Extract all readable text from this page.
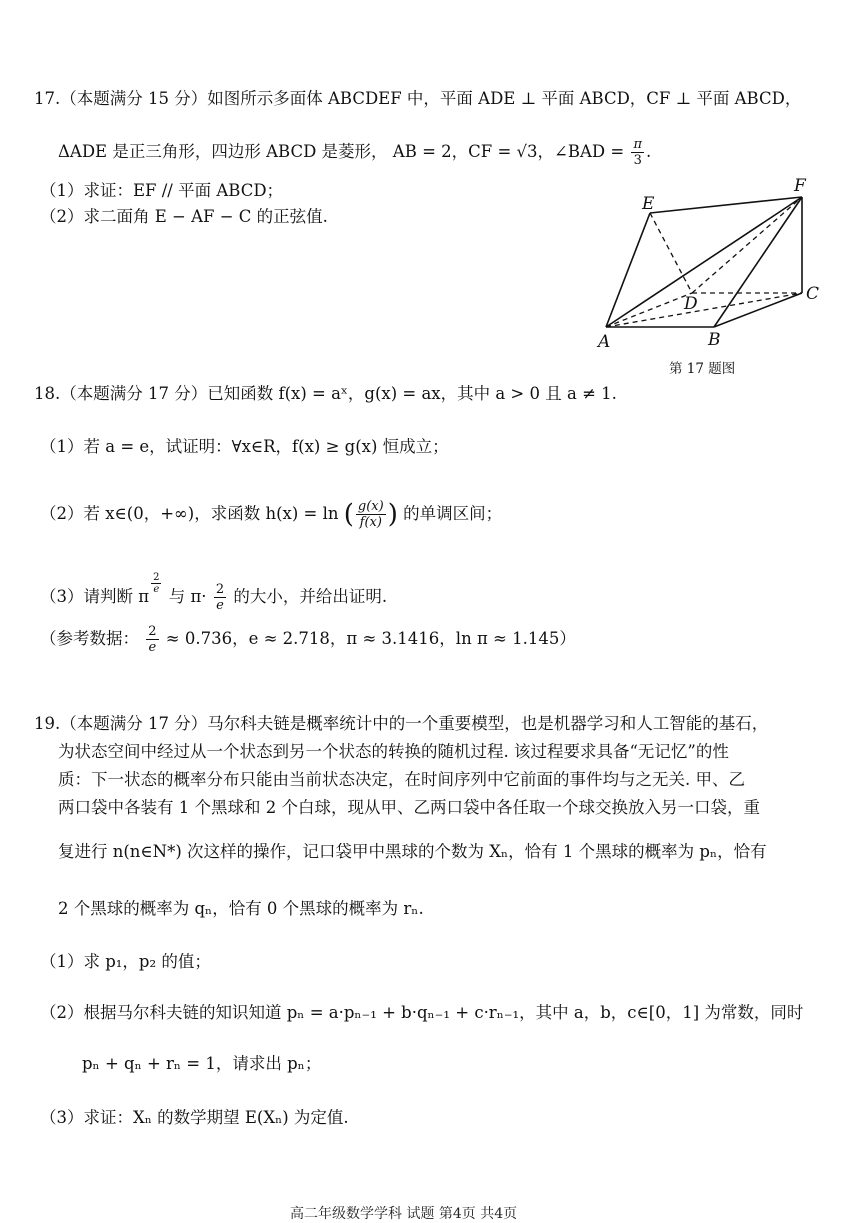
17.（本题满分 15 分）如图所示多面体 ABCDEF 中，平面 ADE ⊥ 平面 ABCD，CF ⊥ 平面 ABCD，
ΔADE 是正三角形，四边形 ABCD 是菱形， AB = 2，CF = √3，∠BAD = $\frac{\pi}{3}$ .
（1）求证：EF // 平面 ABCD；
（2）求二面角 E − AF − C 的正弦值.
E
F
D	C
A	B
第 17 题图
18.（本题满分 17 分）已知函数 f(x) = aˣ，g(x) = ax，其中 a > 0 且 a ≠ 1.
（1）若 a = e，试证明：∀x∈R，f(x) ≥ g(x) 恒成立；
（2）若 x∈(0，+∞)，求函数 h(x) = ln ( $\frac{g(x)}{f(x)}$ ) 的单调区间；
（3）请判断 π
$\frac{2}{e}$
与 $\pi\cdot \frac{2}{e}$ 的大小，并给出证明.
（参考数据： $\frac{2}{e} \approx 0.736$，e ≈ 2.718，π ≈ 3.1416，ln π ≈ 1.145）
19.（本题满分 17 分）马尔科夫链是概率统计中的一个重要模型，也是机器学习和人工智能的基石，
为状态空间中经过从一个状态到另一个状态的转换的随机过程. 该过程要求具备“无记忆”的性
质：下一状态的概率分布只能由当前状态决定，在时间序列中它前面的事件均与之无关. 甲、乙
两口袋中各装有 1 个黑球和 2 个白球，现从甲、乙两口袋中各任取一个球交换放入另一口袋，重
复进行 n(n∈N*) 次这样的操作，记口袋甲中黑球的个数为 Xₙ，恰有 1 个黑球的概率为 pₙ，恰有
2 个黑球的概率为 qₙ，恰有 0 个黑球的概率为 rₙ.
（1）求 p₁，p₂ 的值；
（2）根据马尔科夫链的知识知道 pₙ = a·pₙ₋₁ + b·qₙ₋₁ + c·rₙ₋₁，其中 a，b，c∈[0，1] 为常数，同时
pₙ + qₙ + rₙ = 1，请求出 pₙ；
（3）求证：Xₙ 的数学期望 E(Xₙ) 为定值.
高二年级数学学科 试题 第4页 共4页
